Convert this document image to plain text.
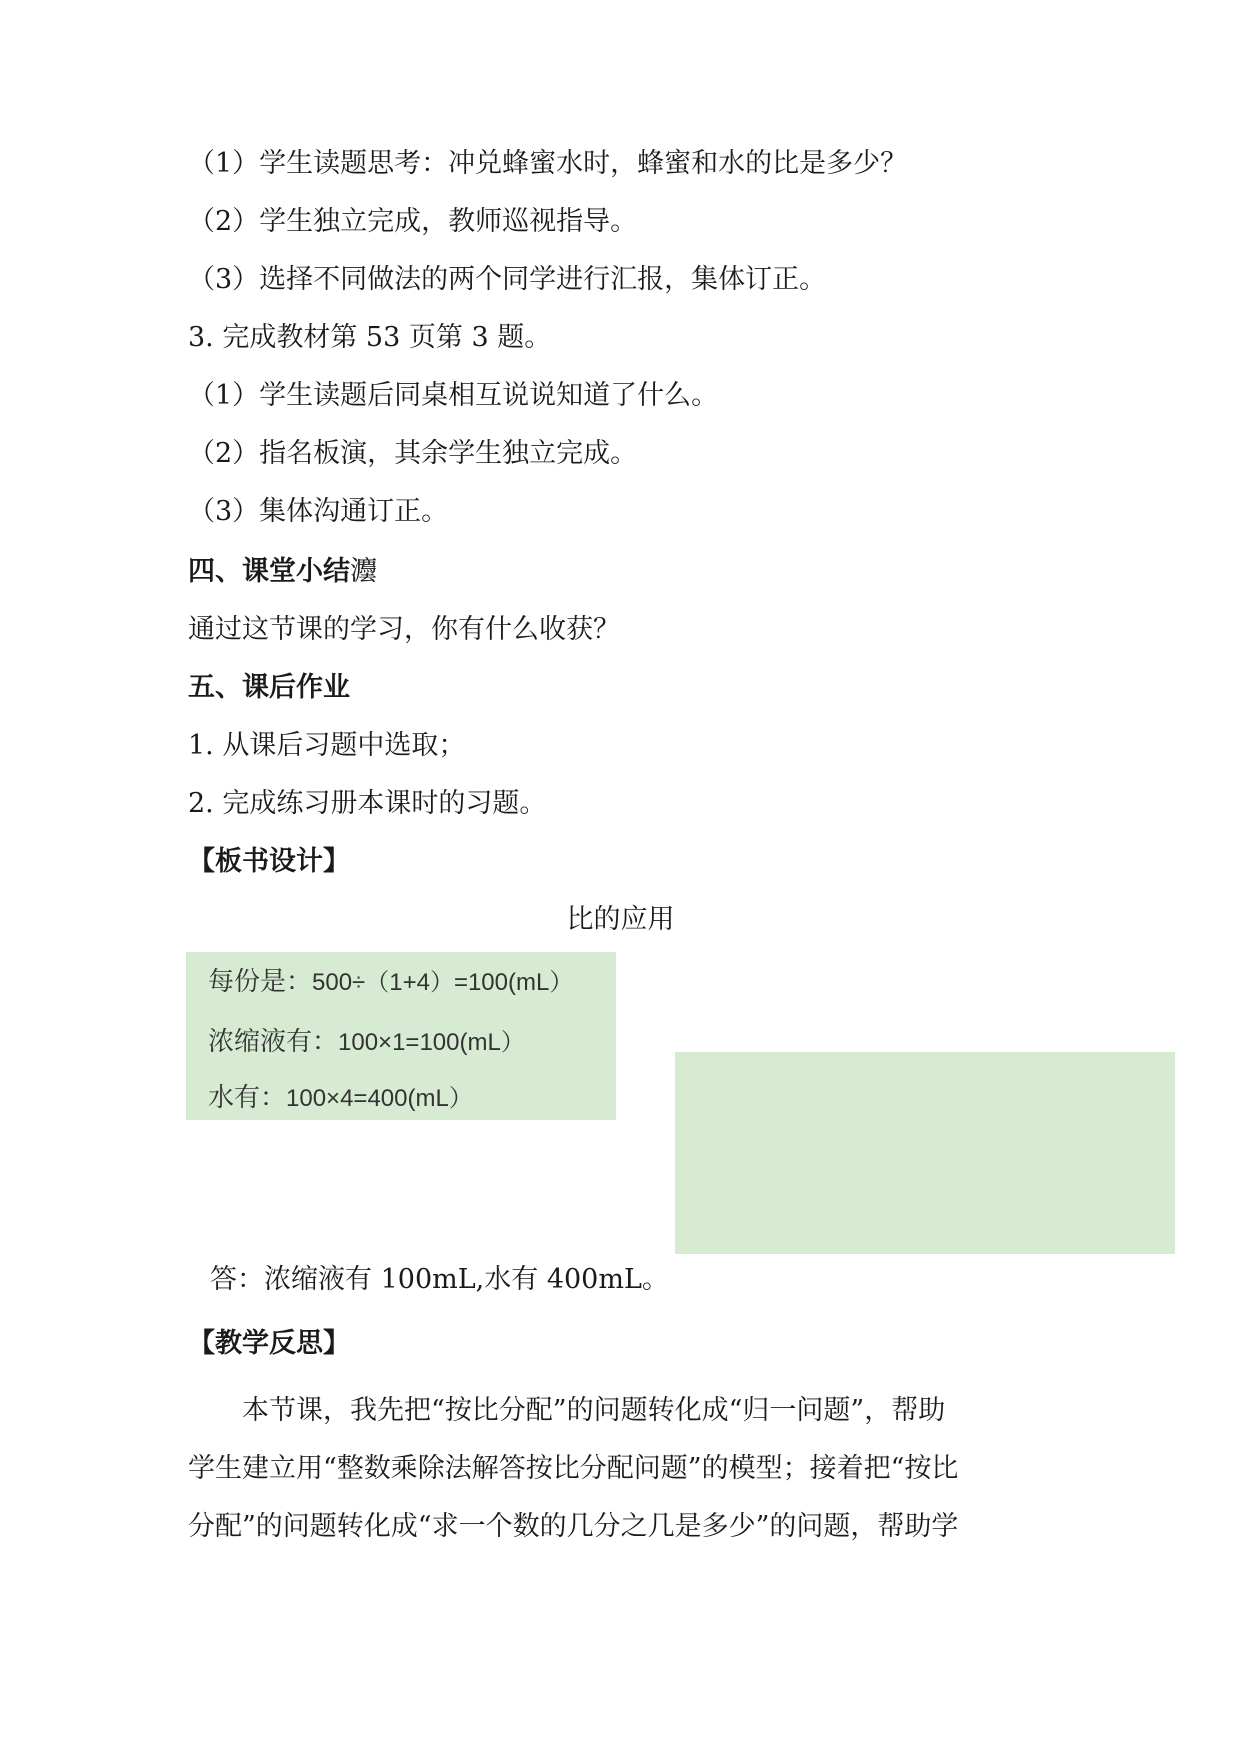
（1）学生读题思考：冲兑蜂蜜水时，蜂蜜和水的比是多少？
（2）学生独立完成，教师巡视指导。
（3）选择不同做法的两个同学进行汇报，集体订正。
3. 完成教材第 53 页第 3 题。
（1）学生读题后同桌相互说说知道了什么。
（2）指名板演，其余学生独立完成。
（3）集体沟通订正。
四、课堂小结灋
通过这节课的学习，你有什么收获？
五、课后作业
1. 从课后习题中选取；
2. 完成练习册本课时的习题。
【板书设计】
比的应用
每份是：500÷（1+4）=100(mL）
浓缩液有：100×1=100(mL）
水有：100×4=400(mL）
答：浓缩液有 100mL,水有 400mL。
【教学反思】
本节课，我先把“按比分配”的问题转化成“归一问题”，帮助
学生建立用“整数乘除法解答按比分配问题”的模型；接着把“按比
分配”的问题转化成“求一个数的几分之几是多少”的问题，帮助学
